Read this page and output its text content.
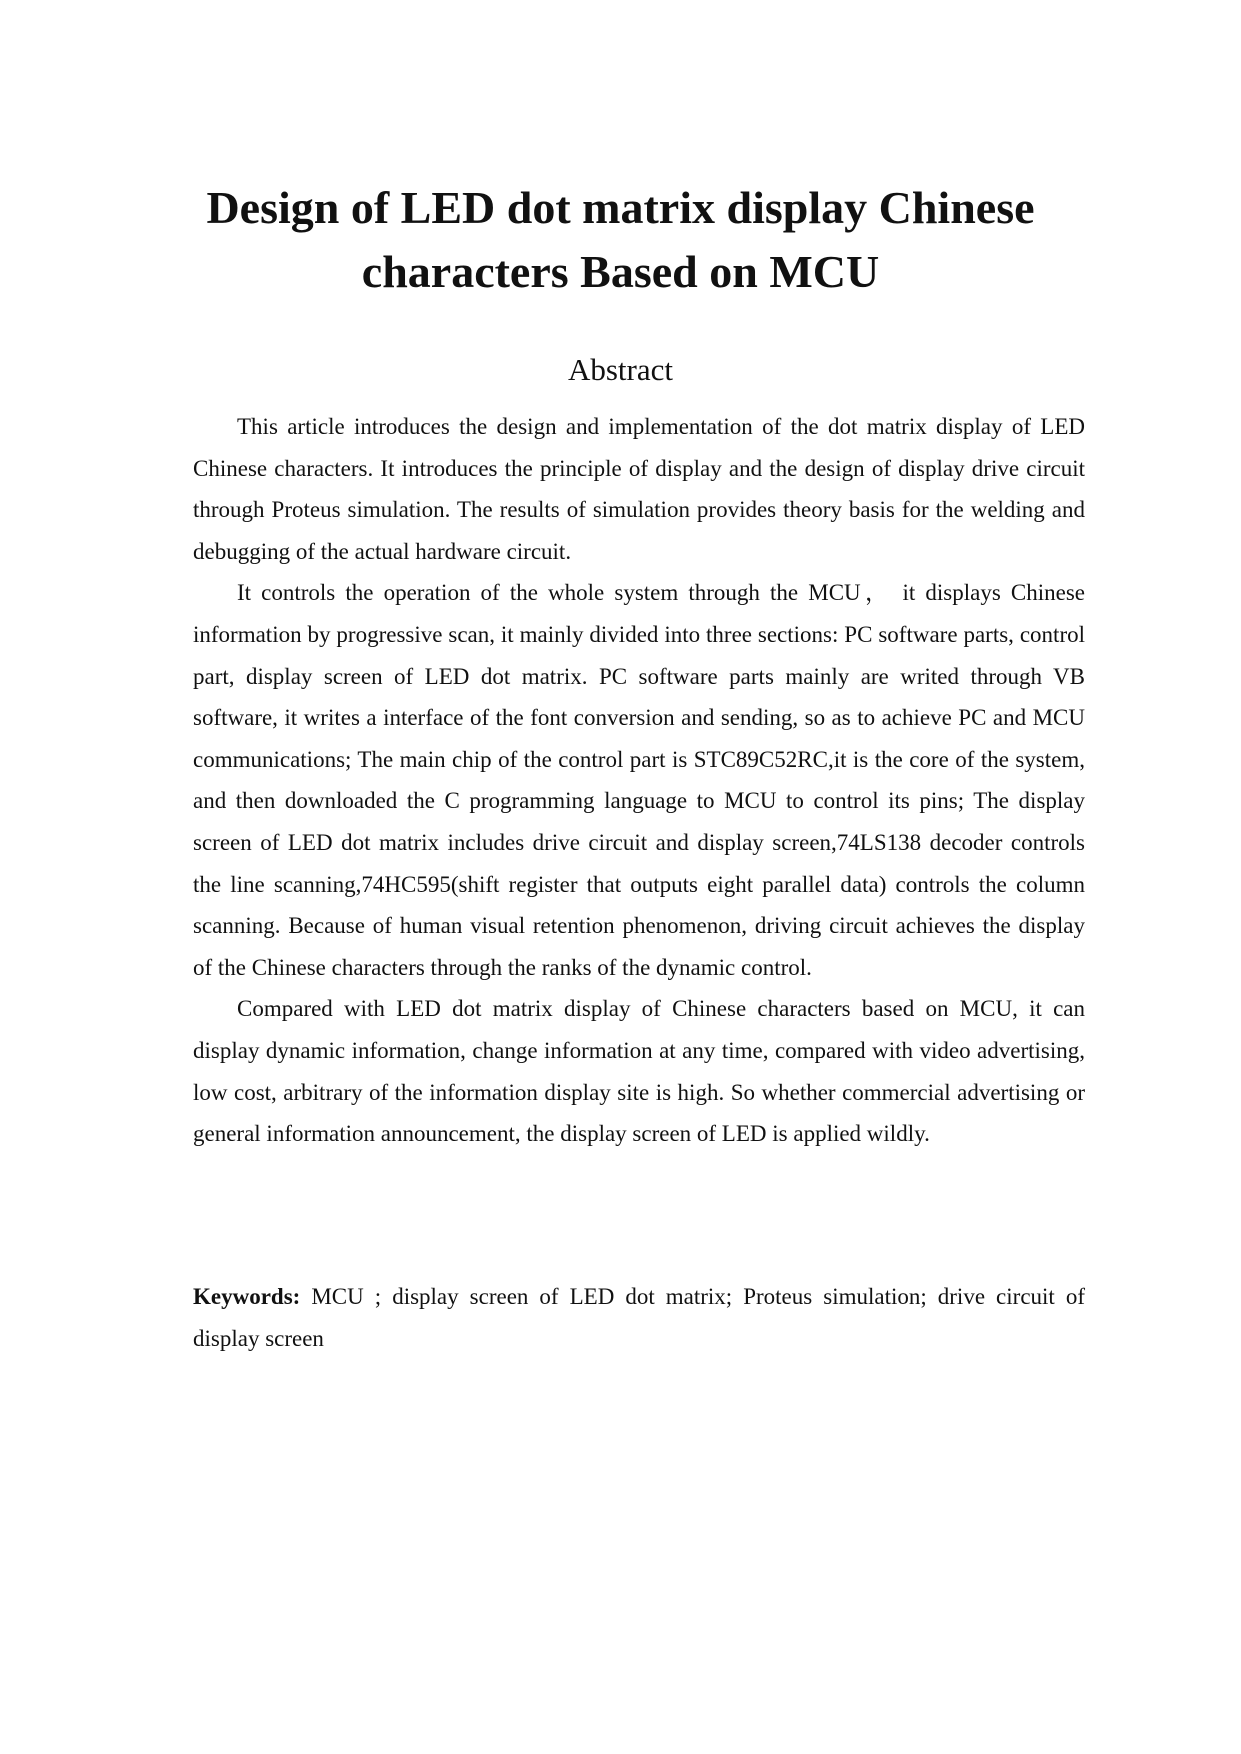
Design of LED dot matrix display Chinese
characters Based on MCU
Abstract

This article introduces the design and implementation of the dot matrix display of LED Chinese characters. It introduces the principle of display and the design of display drive circuit through Proteus simulation. The results of simulation provides theory basis for the welding and debugging of the actual hardware circuit.

It controls the operation of the whole system through the MCU， it displays Chinese information by progressive scan, it mainly divided into three sections: PC software parts, control part, display screen of LED dot matrix. PC software parts mainly are writed through VB software, it writes a interface of the font conversion and sending, so as to achieve PC and MCU communications; The main chip of the control part is STC89C52RC,it is the core of the system, and then downloaded the C programming language to MCU to control its pins; The display screen of LED dot matrix includes drive circuit and display screen,74LS138 decoder controls the line scanning,74HC595(shift register that outputs eight parallel data) controls the column scanning. Because of human visual retention phenomenon, driving circuit achieves the display of the Chinese characters through the ranks of the dynamic control.

Compared with LED dot matrix display of Chinese characters based on MCU, it can display dynamic information, change information at any time, compared with video advertising, low cost, arbitrary of the information display site is high. So whether commercial advertising or general information announcement, the display screen of LED is applied wildly.

Keywords: MCU ; display screen of LED dot matrix; Proteus simulation; drive circuit of display screen
